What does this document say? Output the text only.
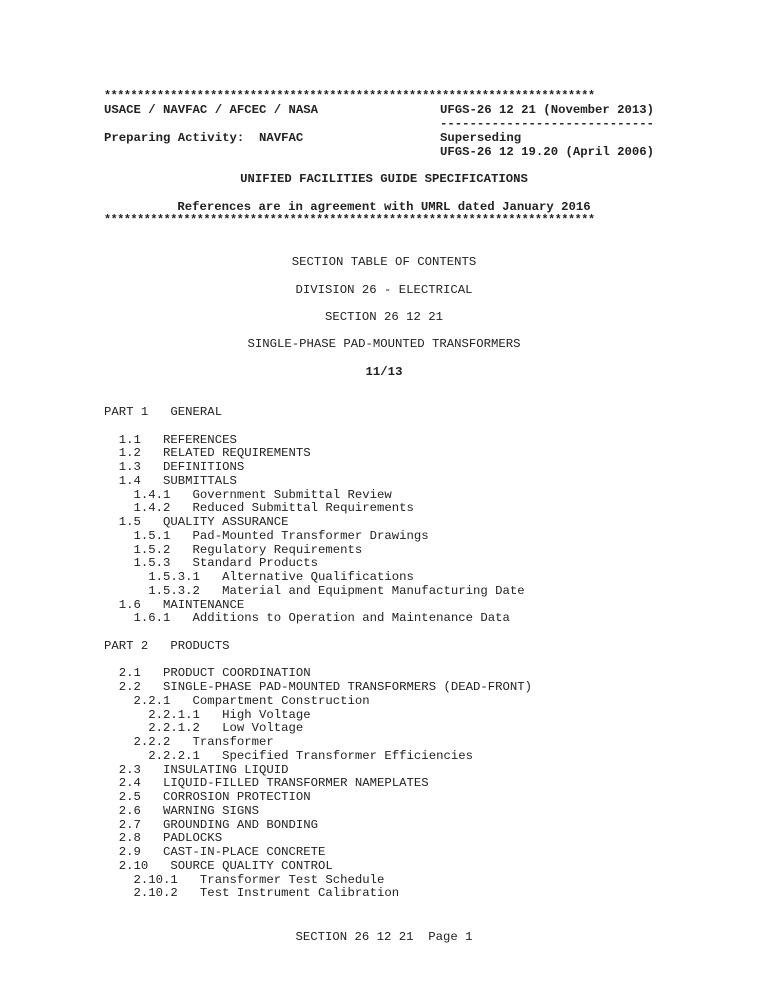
**************************************************************************
USACE / NAVFAC / AFCEC / NASA	UFGS-26 12 21 (November 2013)
-----------------------------
Preparing Activity:  NAVFAC	Superseding
UFGS-26 12 19.20 (April 2006)
UNIFIED FACILITIES GUIDE SPECIFICATIONS
References are in agreement with UMRL dated January 2016
**************************************************************************
SECTION TABLE OF CONTENTS
DIVISION 26 - ELECTRICAL
SECTION 26 12 21
SINGLE-PHASE PAD-MOUNTED TRANSFORMERS
11/13
PART 1   GENERAL
1.1   REFERENCES
1.2   RELATED REQUIREMENTS
1.3   DEFINITIONS
1.4   SUBMITTALS
1.4.1   Government Submittal Review
1.4.2   Reduced Submittal Requirements
1.5   QUALITY ASSURANCE
1.5.1   Pad-Mounted Transformer Drawings
1.5.2   Regulatory Requirements
1.5.3   Standard Products
1.5.3.1   Alternative Qualifications
1.5.3.2   Material and Equipment Manufacturing Date
1.6   MAINTENANCE
1.6.1   Additions to Operation and Maintenance Data
PART 2   PRODUCTS
2.1   PRODUCT COORDINATION
2.2   SINGLE-PHASE PAD-MOUNTED TRANSFORMERS (DEAD-FRONT)
2.2.1   Compartment Construction
2.2.1.1   High Voltage
2.2.1.2   Low Voltage
2.2.2   Transformer
2.2.2.1   Specified Transformer Efficiencies
2.3   INSULATING LIQUID
2.4   LIQUID-FILLED TRANSFORMER NAMEPLATES
2.5   CORROSION PROTECTION
2.6   WARNING SIGNS
2.7   GROUNDING AND BONDING
2.8   PADLOCKS
2.9   CAST-IN-PLACE CONCRETE
2.10   SOURCE QUALITY CONTROL
2.10.1   Transformer Test Schedule
2.10.2   Test Instrument Calibration
SECTION 26 12 21  Page 1
